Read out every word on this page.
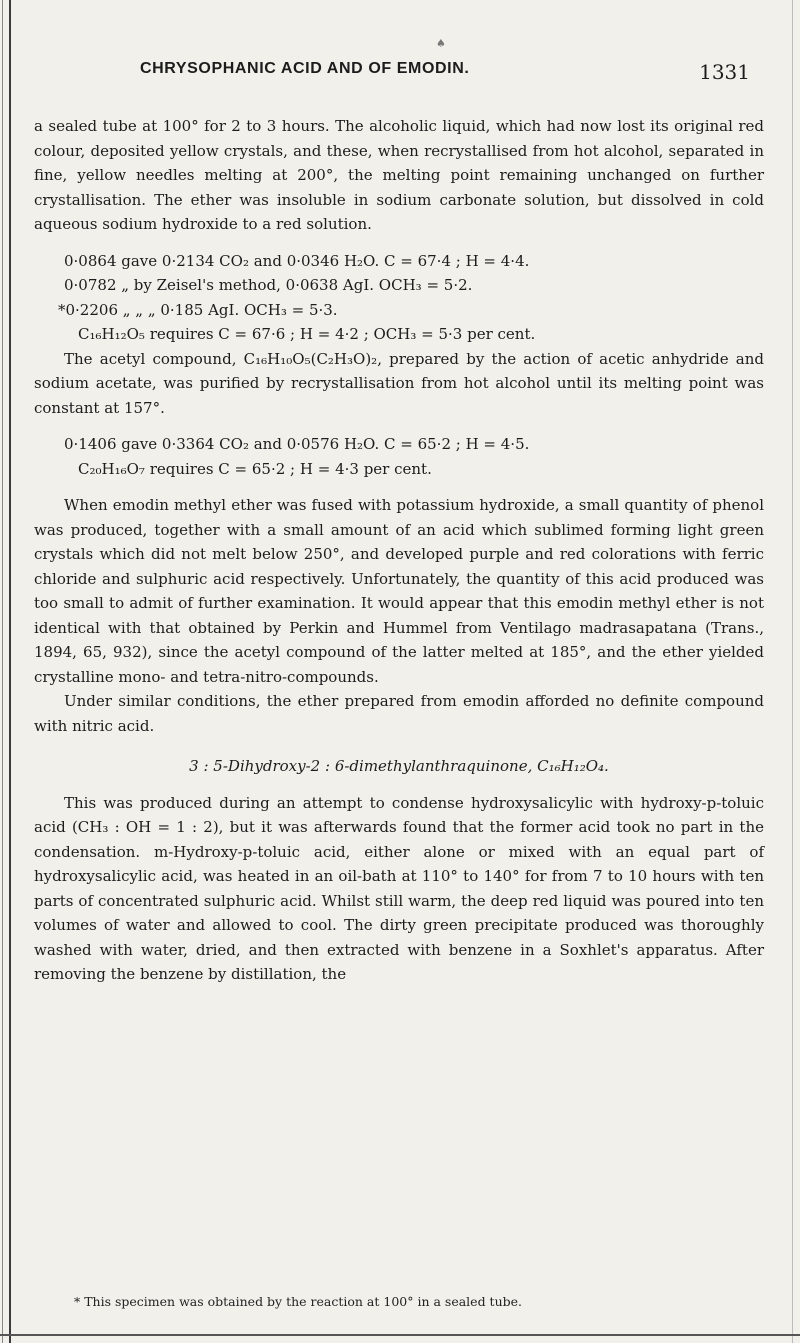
♠
CHRYSOPHANIC ACID AND OF EMODIN.	1331

a sealed tube at 100° for 2 to 3 hours. The alcoholic liquid, which had now lost its original red colour, deposited yellow crystals, and these, when recrystallised from hot alcohol, separated in fine, yellow needles melting at 200°, the melting point remaining unchanged on further crystallisation. The ether was insoluble in sodium carbonate solution, but dissolved in cold aqueous sodium hydroxide to a red solution.

0·0864 gave 0·2134 CO₂ and 0·0346 H₂O. C = 67·4 ; H = 4·4.

0·0782 „ by Zeisel's method, 0·0638 AgI. OCH₃ = 5·2.

*0·2206 „ „ „ 0·185 AgI. OCH₃ = 5·3.

C₁₆H₁₂O₅ requires C = 67·6 ; H = 4·2 ; OCH₃ = 5·3 per cent.

The acetyl compound, C₁₆H₁₀O₅(C₂H₃O)₂, prepared by the action of acetic anhydride and sodium acetate, was purified by recrystallisation from hot alcohol until its melting point was constant at 157°.

0·1406 gave 0·3364 CO₂ and 0·0576 H₂O. C = 65·2 ; H = 4·5.

C₂₀H₁₆O₇ requires C = 65·2 ; H = 4·3 per cent.

When emodin methyl ether was fused with potassium hydroxide, a small quantity of phenol was produced, together with a small amount of an acid which sublimed forming light green crystals which did not melt below 250°, and developed purple and red colorations with ferric chloride and sulphuric acid respectively. Unfortunately, the quantity of this acid produced was too small to admit of further examination. It would appear that this emodin methyl ether is not identical with that obtained by Perkin and Hummel from Ventilago madrasapatana (Trans., 1894, 65, 932), since the acetyl compound of the latter melted at 185°, and the ether yielded crystalline mono- and tetra-nitro-compounds.

Under similar conditions, the ether prepared from emodin afforded no definite compound with nitric acid.

3 : 5-Dihydroxy-2 : 6-dimethylanthraquinone, C₁₆H₁₂O₄.

This was produced during an attempt to condense hydroxysalicylic with hydroxy-p-toluic acid (CH₃ : OH = 1 : 2), but it was afterwards found that the former acid took no part in the condensation. m-Hydroxy-p-toluic acid, either alone or mixed with an equal part of hydroxysalicylic acid, was heated in an oil-bath at 110° to 140° for from 7 to 10 hours with ten parts of concentrated sulphuric acid. Whilst still warm, the deep red liquid was poured into ten volumes of water and allowed to cool. The dirty green precipitate produced was thoroughly washed with water, dried, and then extracted with benzene in a Soxhlet's apparatus. After removing the benzene by distillation, the

* This specimen was obtained by the reaction at 100° in a sealed tube.
